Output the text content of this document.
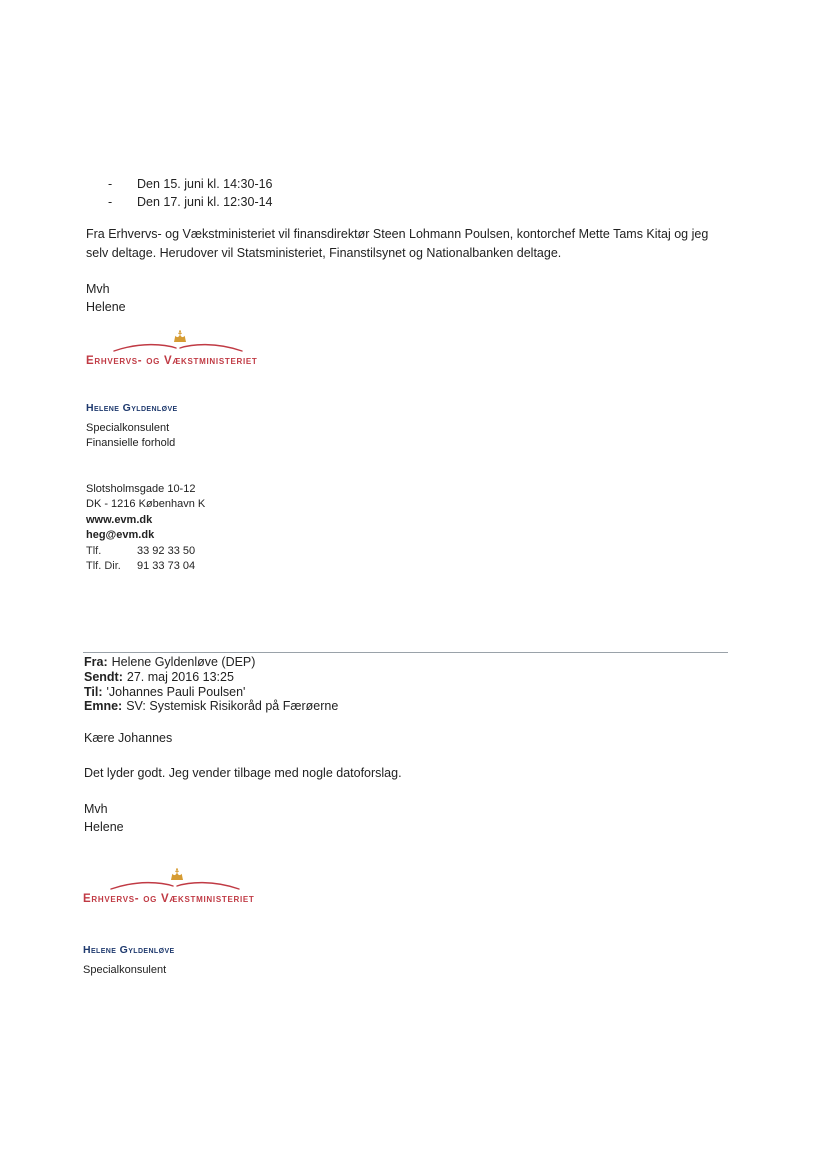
-	Den 15. juni kl. 14:30-16
-	Den 17. juni kl. 12:30-14
Fra Erhvervs- og Vækstministeriet vil finansdirektør Steen Lohmann Poulsen, kontorchef Mette Tams Kitaj og jeg selv deltage. Herudover vil Statsministeriet, Finanstilsynet og Nationalbanken deltage.
Mvh
Helene
Erhvervs- og Vækstministeriet
Helene Gyldenløve
Specialkonsulent
Finansielle forhold
Slotsholmsgade 10-12
DK - 1216 København K
www.evm.dk
heg@evm.dk
Tlf.	33 92 33 50
Tlf. Dir.	91 33 73 04
Fra: Helene Gyldenløve (DEP)
Sendt: 27. maj 2016 13:25
Til: 'Johannes Pauli Poulsen'
Emne: SV: Systemisk Risikoråd på Færøerne
Kære Johannes
Det lyder godt. Jeg vender tilbage med nogle datoforslag.
Mvh
Helene
Erhvervs- og Vækstministeriet
Helene Gyldenløve
Specialkonsulent
